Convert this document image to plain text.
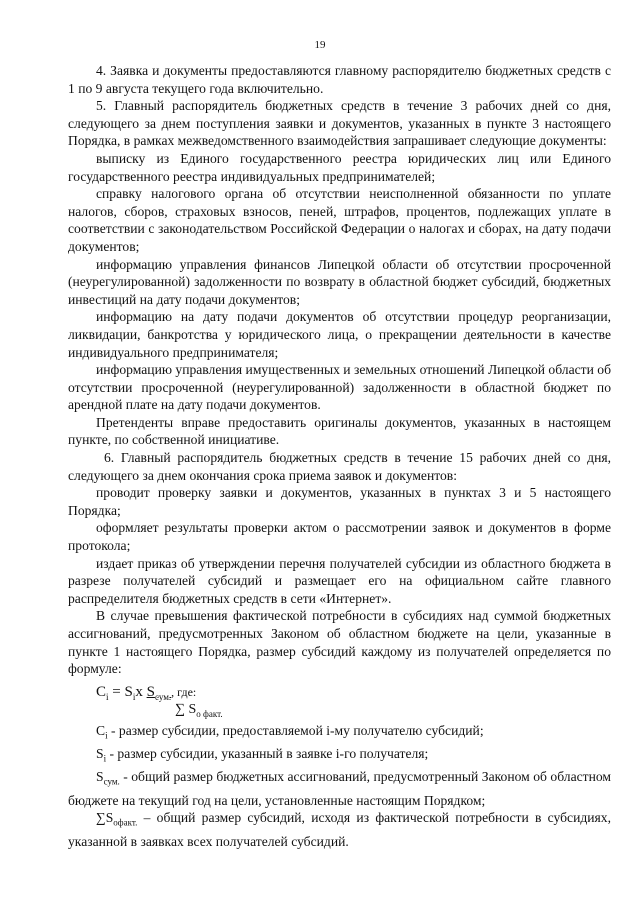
19

4. Заявка и документы предоставляются главному распорядителю бюджетных средств с 1 по 9 августа текущего года включительно.

5. Главный распорядитель бюджетных средств в течение 3 рабочих дней со дня, следующего за днем поступления заявки и документов, указанных в пункте 3 настоящего Порядка, в рамках межведомственного взаимодействия запрашивает следующие документы:

выписку из Единого государственного реестра юридических лиц или Единого государственного реестра индивидуальных предпринимателей;

справку налогового органа об отсутствии неисполненной обязанности по уплате налогов, сборов, страховых взносов, пеней, штрафов, процентов, подлежащих уплате в соответствии с законодательством Российской Федерации о налогах и сборах, на дату подачи документов;

информацию управления финансов Липецкой области об отсутствии просроченной (неурегулированной) задолженности по возврату в областной бюджет субсидий, бюджетных инвестиций на дату подачи документов;

информацию на дату подачи документов об отсутствии процедур реорганизации, ликвидации, банкротства у юридического лица, о прекращении деятельности в качестве индивидуального предпринимателя;

информацию управления имущественных и земельных отношений Липецкой области об отсутствии просроченной (неурегулированной) задолженности в областной бюджет по арендной плате на дату подачи документов.

Претенденты вправе предоставить оригиналы документов, указанных в настоящем пункте, по собственной инициативе.

6. Главный распорядитель бюджетных средств в течение 15 рабочих дней со дня, следующего за днем окончания срока приема заявок и документов:

проводит проверку заявки и документов, указанных в пунктах 3 и 5 настоящего Порядка;

оформляет результаты проверки актом о рассмотрении заявок и документов в форме протокола;

издает приказ об утверждении перечня получателей субсидии из областного бюджета в разрезе получателей субсидий и размещает его на официальном сайте главного распределителя бюджетных средств в сети «Интернет».

В случае превышения фактической потребности в субсидиях над суммой бюджетных ассигнований, предусмотренных Законом об областном бюджете на цели, указанные в пункте 1 настоящего Порядка, размер субсидий каждому из получателей определяется по формуле:

$C_i = S_ix$ $S_{сум.}$, где:
∑ $S_{о факт.}$

$C_i$ - размер субсидии, предоставляемой i-му получателю субсидий;

$S_i$ - размер субсидии, указанный в заявке i-го получателя;

$S_{сум.}$ - общий размер бюджетных ассигнований, предусмотренный Законом об областном бюджете на текущий год на цели, установленные настоящим Порядком;

$\sum S_{офакт.}$ – общий размер субсидий, исходя из фактической потребности в субсидиях, указанной в заявках всех получателей субсидий.
